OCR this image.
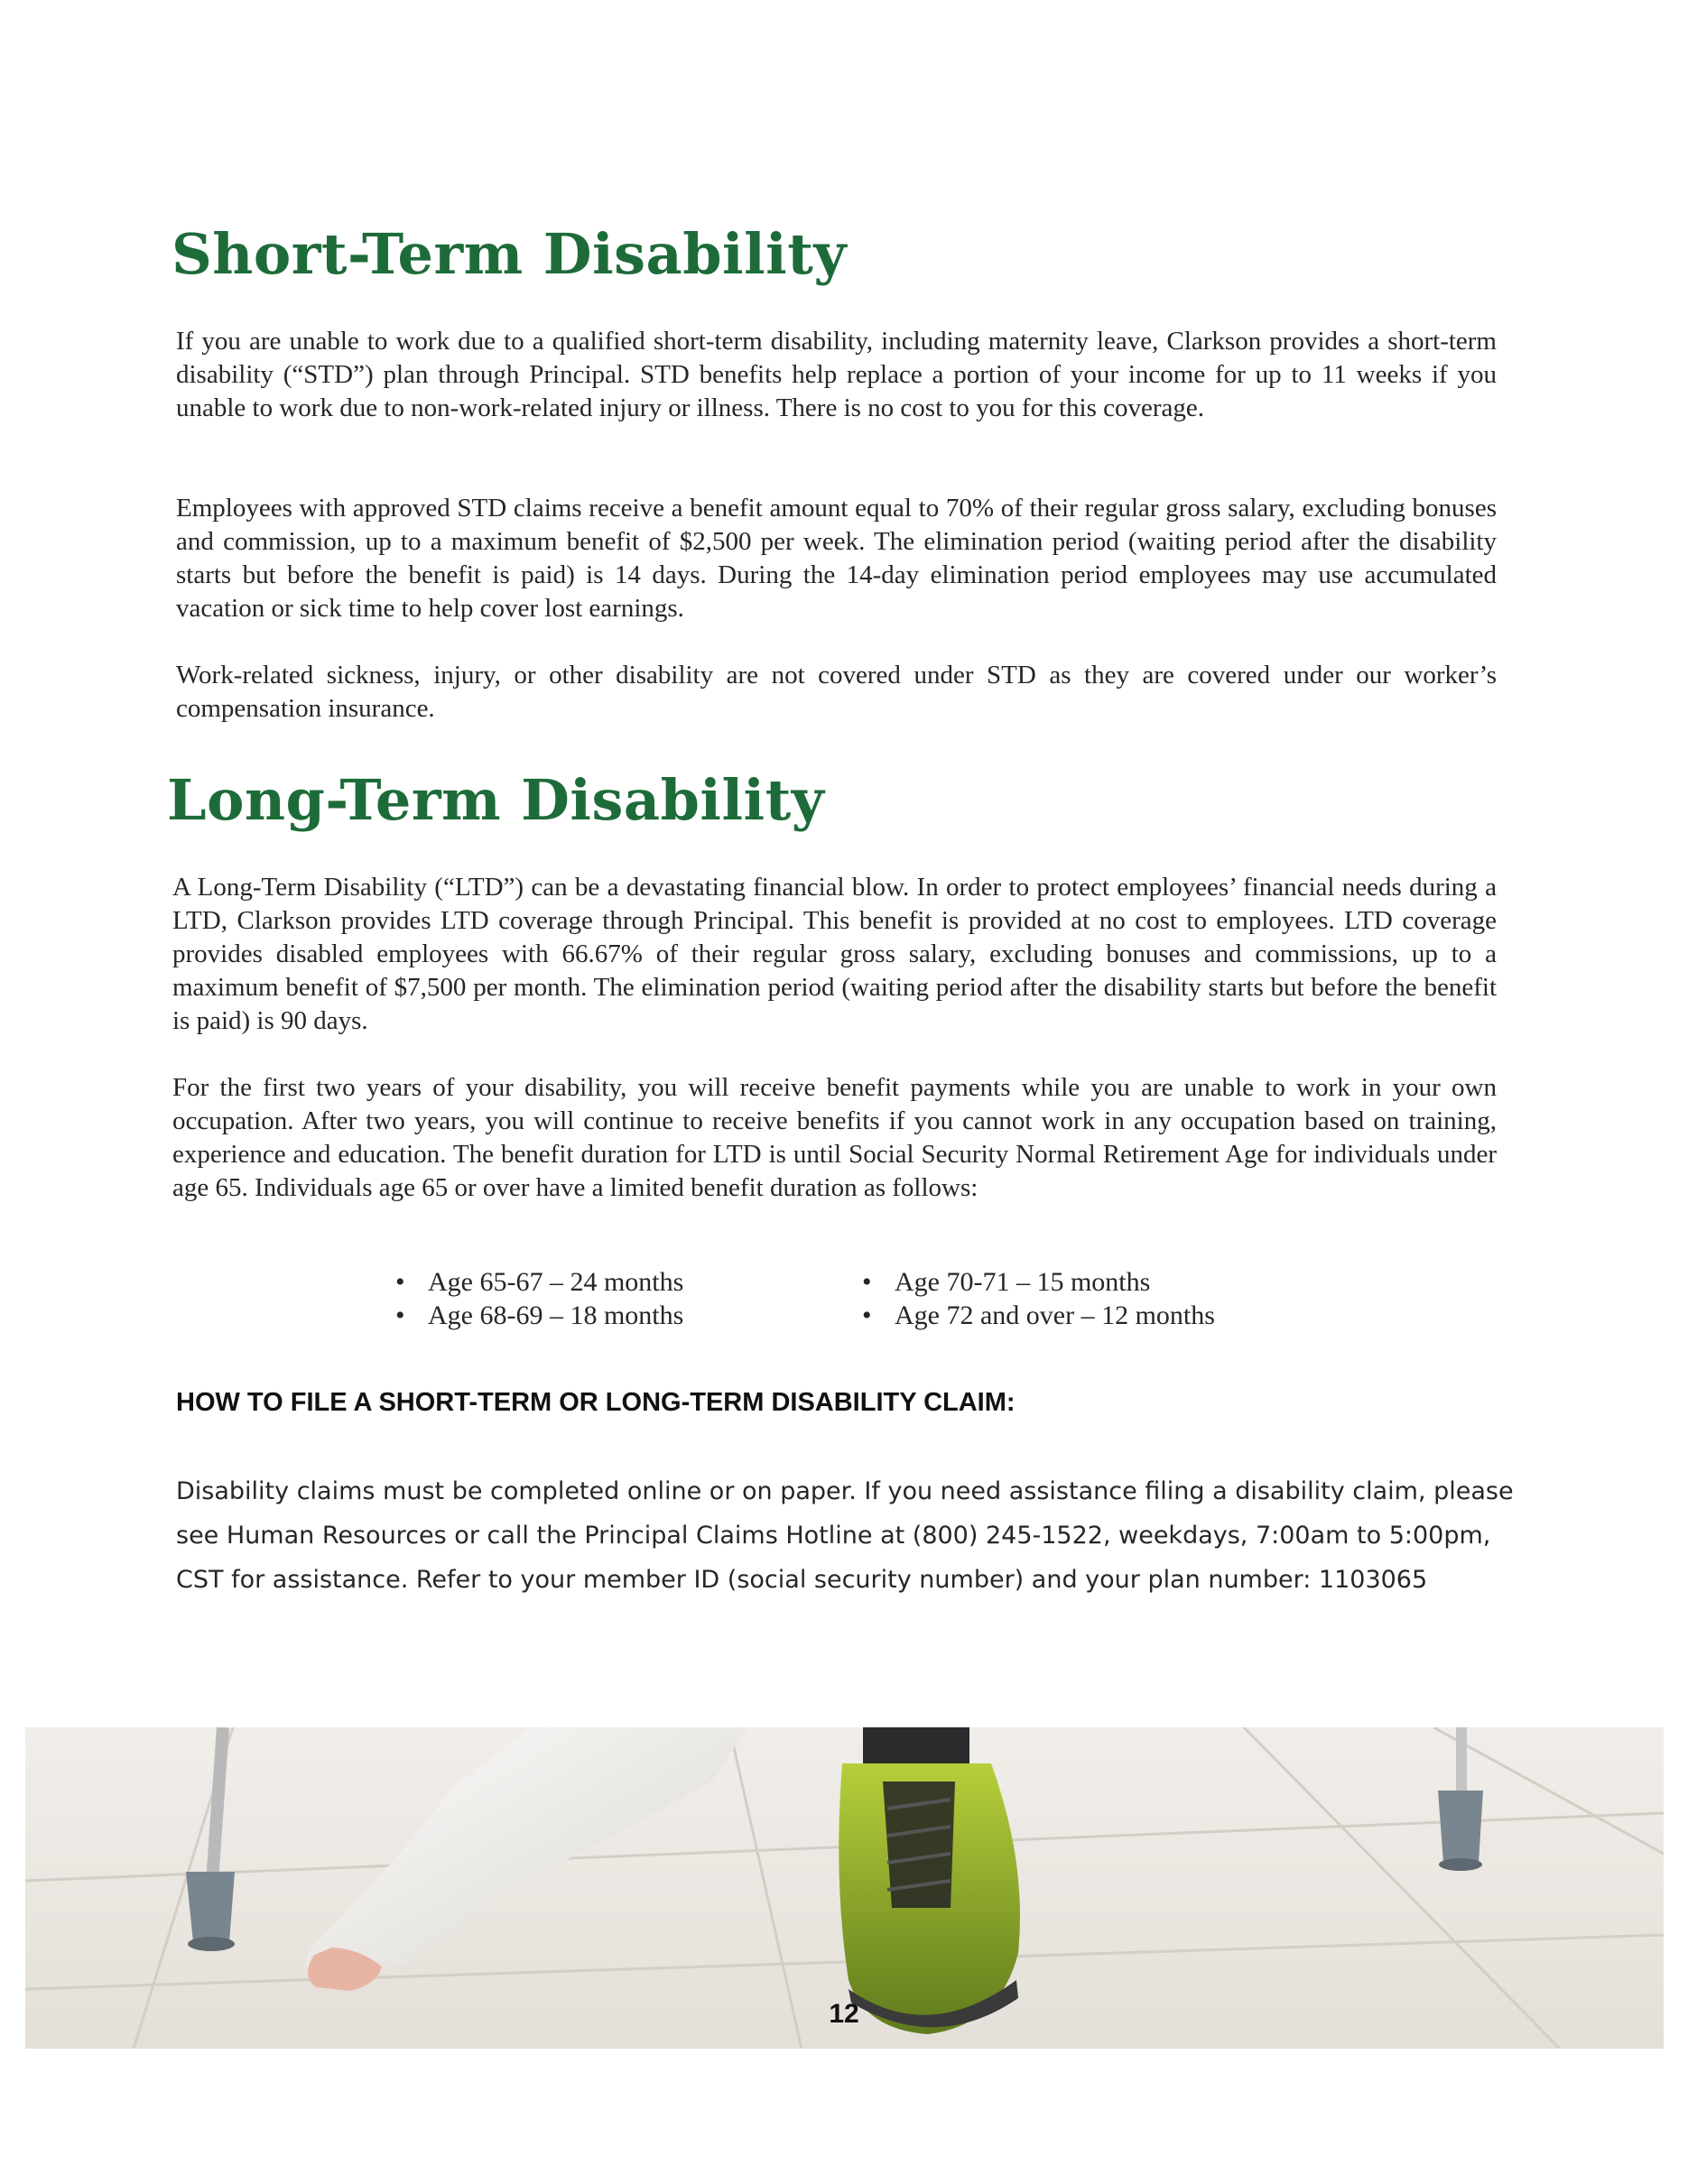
Short-Term Disability

If you are unable to work due to a qualified short-term disability, including maternity leave, Clarkson provides a short-term disability (“STD”) plan through Principal. STD benefits help replace a portion of your income for up to 11 weeks if you unable to work due to non-work-related injury or illness. There is no cost to you for this coverage.

Employees with approved STD claims receive a benefit amount equal to 70% of their regular gross salary, excluding bonuses and commission, up to a maximum benefit of $2,500 per week. The elimination period (waiting period after the disability starts but before the benefit is paid) is 14 days. During the 14-day elimination period employees may use accumulated vacation or sick time to help cover lost earnings.

Work-related sickness, injury, or other disability are not covered under STD as they are covered under our worker’s compensation insurance.

Long-Term Disability

A Long-Term Disability (“LTD”) can be a devastating financial blow. In order to protect employees’ financial needs during a LTD, Clarkson provides LTD coverage through Principal. This benefit is provided at no cost to employees. LTD coverage provides disabled employees with 66.67% of their regular gross salary, excluding bonuses and commissions, up to a maximum benefit of $7,500 per month. The elimination period (waiting period after the disability starts but before the benefit is paid) is 90 days.

For the first two years of your disability, you will receive benefit payments while you are unable to work in your own occupation. After two years, you will continue to receive benefits if you cannot work in any occupation based on training, experience and education. The benefit duration for LTD is until Social Security Normal Retirement Age for individuals under age 65. Individuals age 65 or over have a limited benefit duration as follows:

• Age 65-67 – 24 months
• Age 68-69 – 18 months
• Age 70-71 – 15 months
• Age 72 and over – 12 months
HOW TO FILE A SHORT-TERM OR LONG-TERM DISABILITY CLAIM:

Disability claims must be completed online or on paper. If you need assistance filing a disability claim, please see Human Resources or call the Principal Claims Hotline at (800) 245-1522, weekdays, 7:00am to 5:00pm, CST for assistance. Refer to your member ID (social security number) and your plan number: 1103065

12
